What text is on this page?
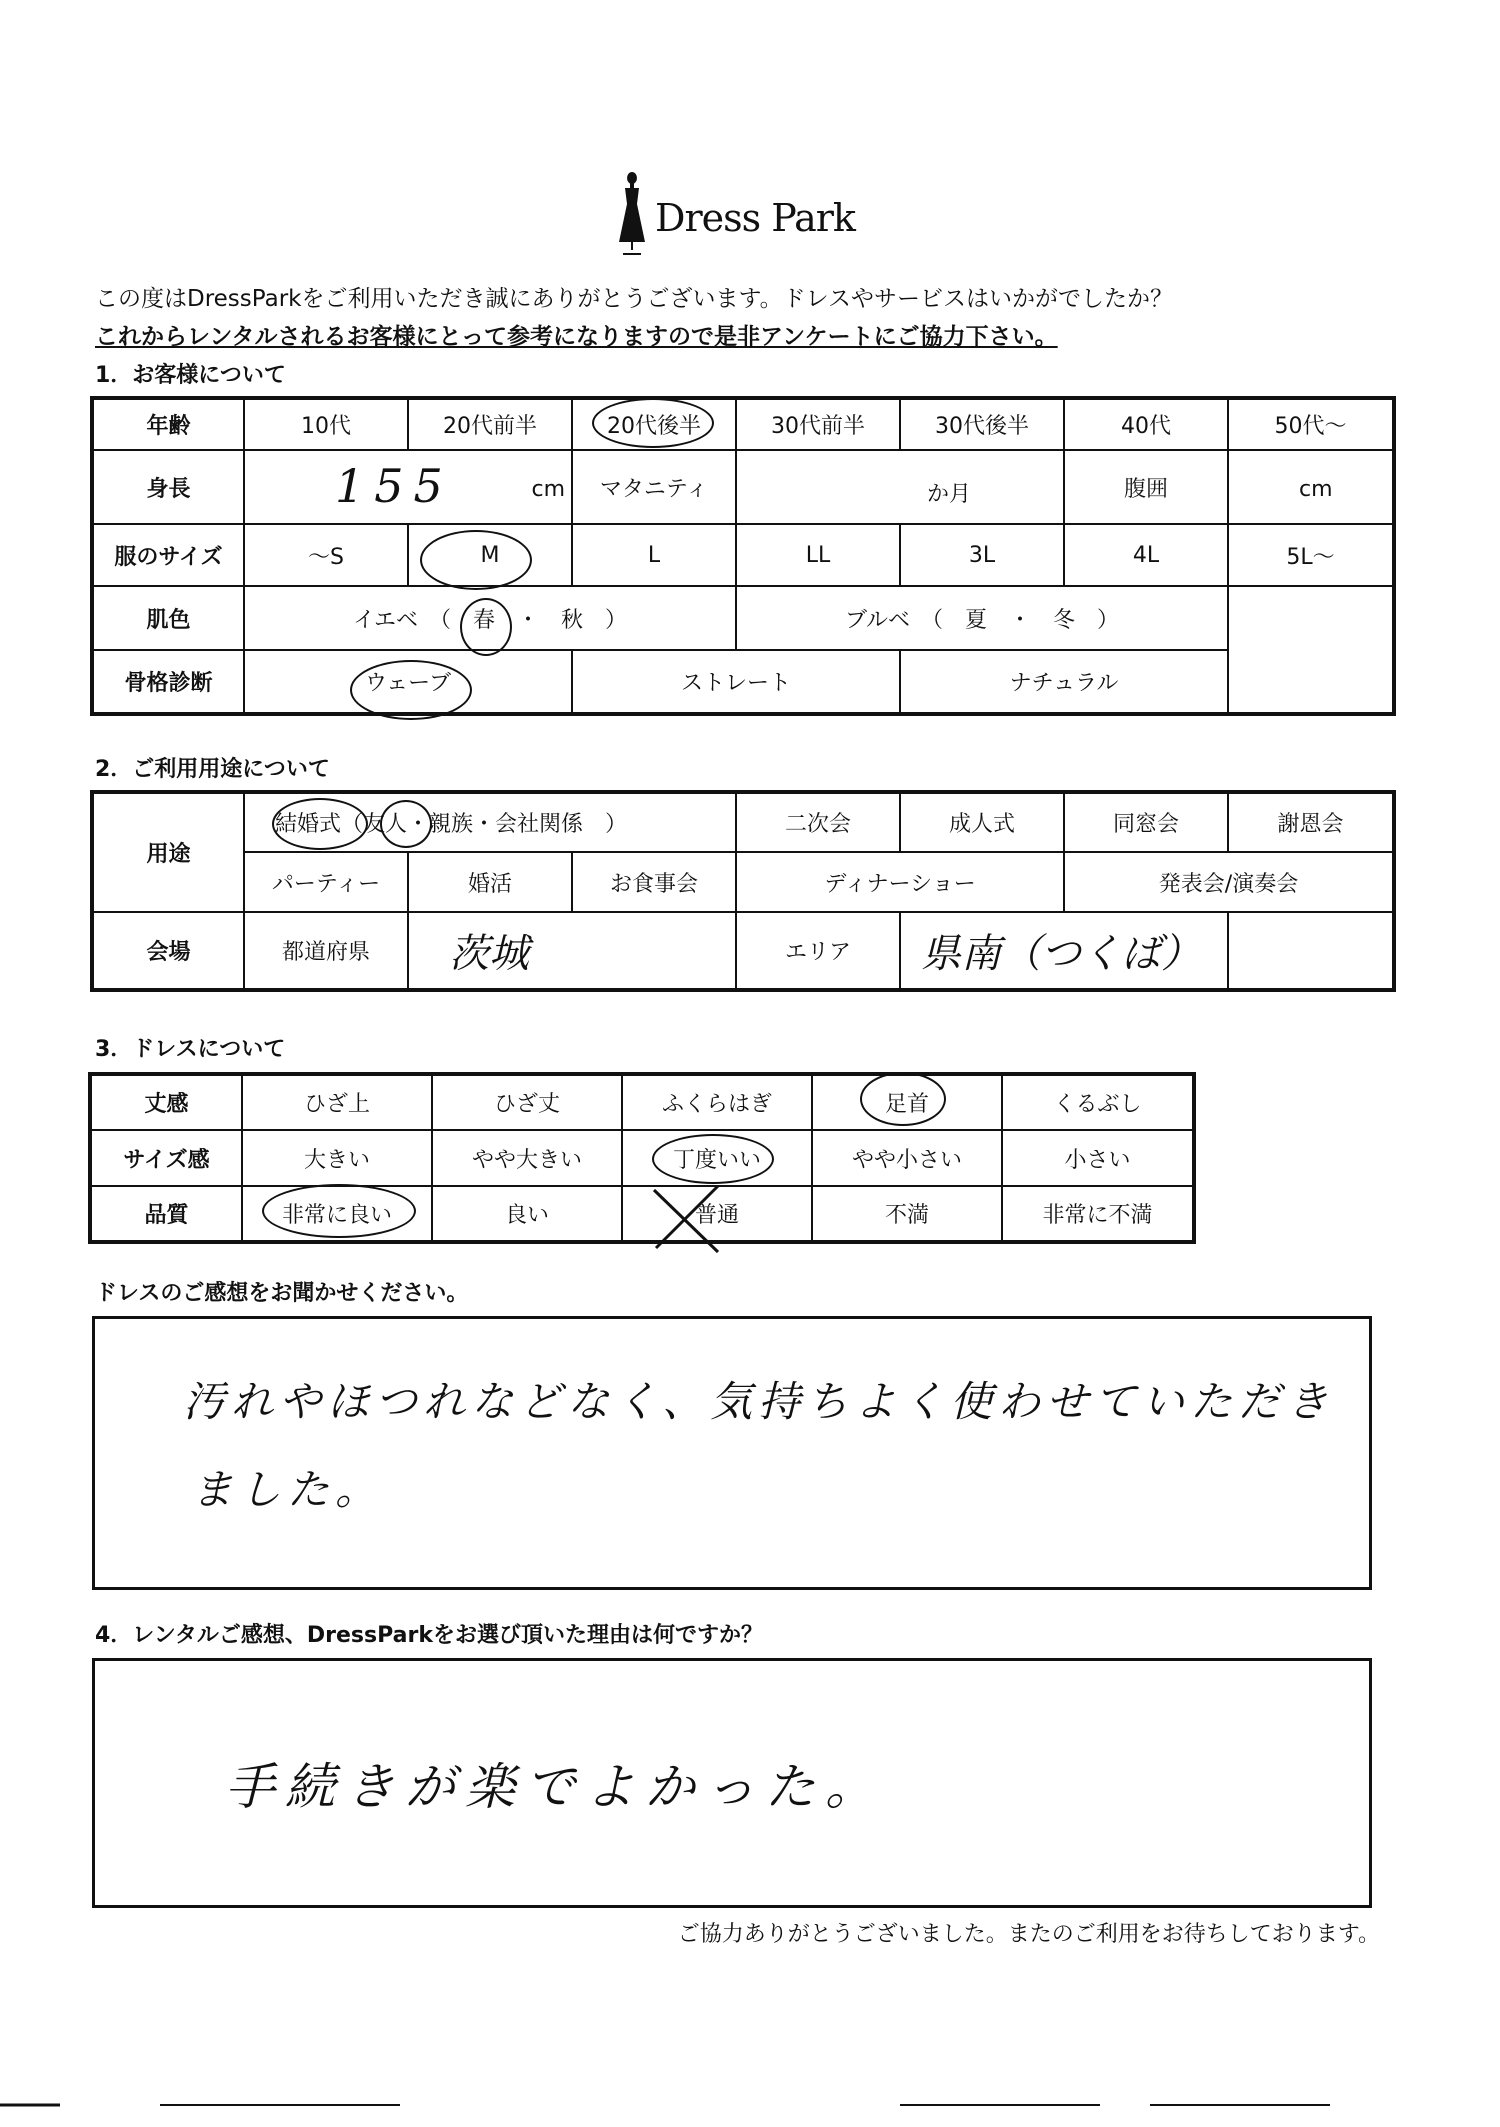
Dress Park
この度はDressParkをご利用いただき誠にありがとうございます。ドレスやサービスはいかがでしたか？
これからレンタルされるお客様にとって参考になりますので是非アンケートにご協力下さい。
1．お客様について
年齢	10代	20代前半	20代後半	30代前半	30代後半	40代	50代～
身長	155 cm		マタニティ	か月		腹囲	cm

服のサイズ	～S	M	L	LL	3L	4L	5L～
肌色	イエベ　（　春　・　秋　）			ブルベ　（　夏　・　冬　）			
骨格診断	ウェーブ		ストレート		ナチュラル		
2．ご利用用途について
用途	結婚式（友人・親族・会社関係　）			二次会	成人式	同窓会	謝恩会
	パーティー	婚活	お食事会	ディナーショー		発表会/演奏会	
会場	都道府県	茨城		エリア	県南（つくば）		
3．ドレスについて
丈感	ひざ上	ひざ丈	ふくらはぎ	足首	くるぶし
サイズ感	大きい	やや大きい	丁度いい	やや小さい	小さい
品質	非常に良い	良い	普通	不満	非常に不満
ドレスのご感想をお聞かせください。
汚れやほつれなどなく、気持ちよく使わせていただき
ました。
4．レンタルご感想、DressParkをお選び頂いた理由は何ですか？
手続きが楽でよかった。
ご協力ありがとうございました。またのご利用をお待ちしております。
